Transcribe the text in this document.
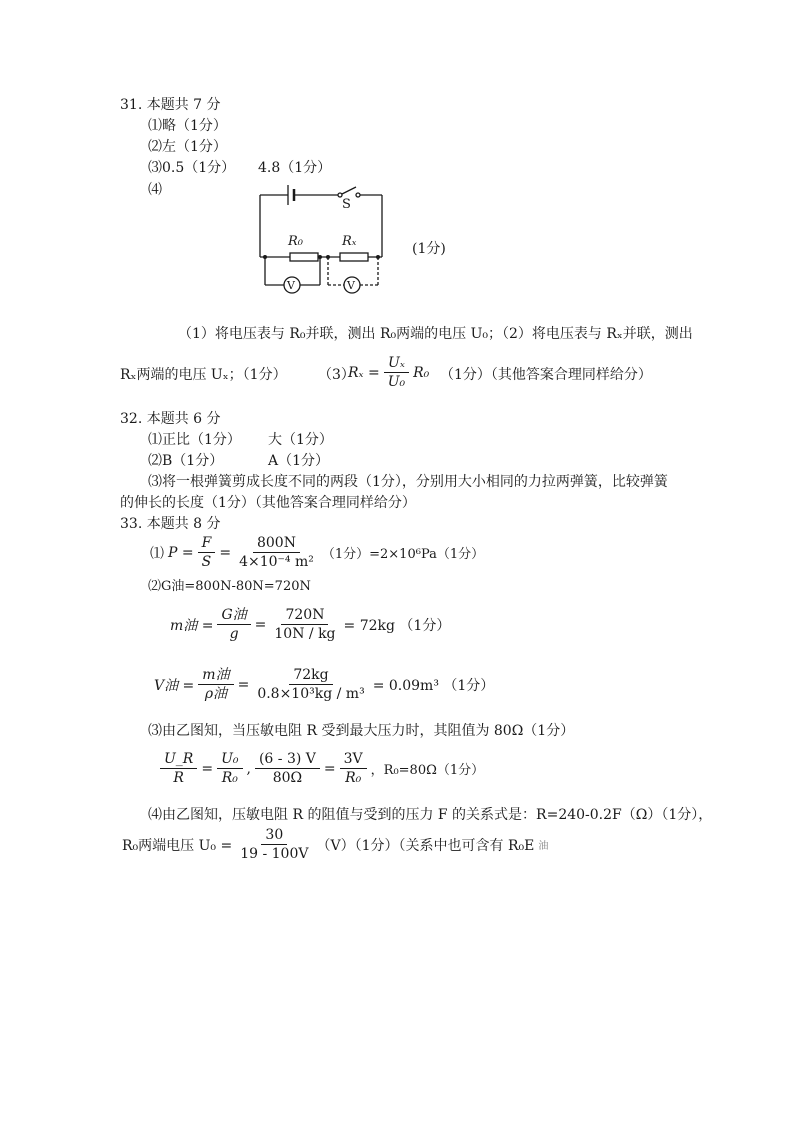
31. 本题共 7 分
⑴略（1分）
⑵左（1分）
⑶0.5（1分） 4.8（1分）
⑷
S
R₀	Rₓ
V	V
(1分)
（1）将电压表与 R₀并联，测出 R₀两端的电压 U₀；（2）将电压表与 Rₓ并联，测出
Rₓ两端的电压 Uₓ；（1分） （3）
$R_x = \frac{\text{Uₓ}}{\text{U₀}} R_0$ （1分）（其他答案合理同样给分）
32. 本题共 6 分
⑴正比（1分） 大（1分）
⑵B（1分）	A（1分）
⑶将一根弹簧剪成长度不同的两段（1分），分别用大小相同的力拉两弹簧，比较弹簧
的伸长的长度（1分）（其他答案合理同样给分）
33. 本题共 8 分
⑴ $P = \frac{F}{S} = \frac{800N}{\text{4×10⁻⁴ m²}} (1$分）=2×10⁶Pa（1分）
⑵G油=800N-80N=720N
m油 = $\frac{\text{G油}}{g} = \frac{720N}{10N / kg} = 72kg$ （1分）
V油 = $\frac{\text{m油}}{\text{ρ油}} = \frac{72kg}{\text{0.8×10³kg / m³}} = 0.09m^3$ （1分）
⑶由乙图知，当压敏电阻 R 受到最大压力时，其阻值为 80Ω（1分）
$\frac{U\_R}{R} = \frac{\text{U₀}}{\text{R₀}}$ , $\frac{(6 - 3) V}{80\Omega} = \frac{3V}{\text{R₀}}$ ，R₀=80Ω（1分）
⑷由乙图知，压敏电阻 R 的阻值与受到的压力 F 的关系式是：R=240-0.2F（Ω）（1分），
R₀两端电压 $U_0 = \frac{30}{19 - 100V} (V)(1$分）（关系中也可含有 R₀E 油
